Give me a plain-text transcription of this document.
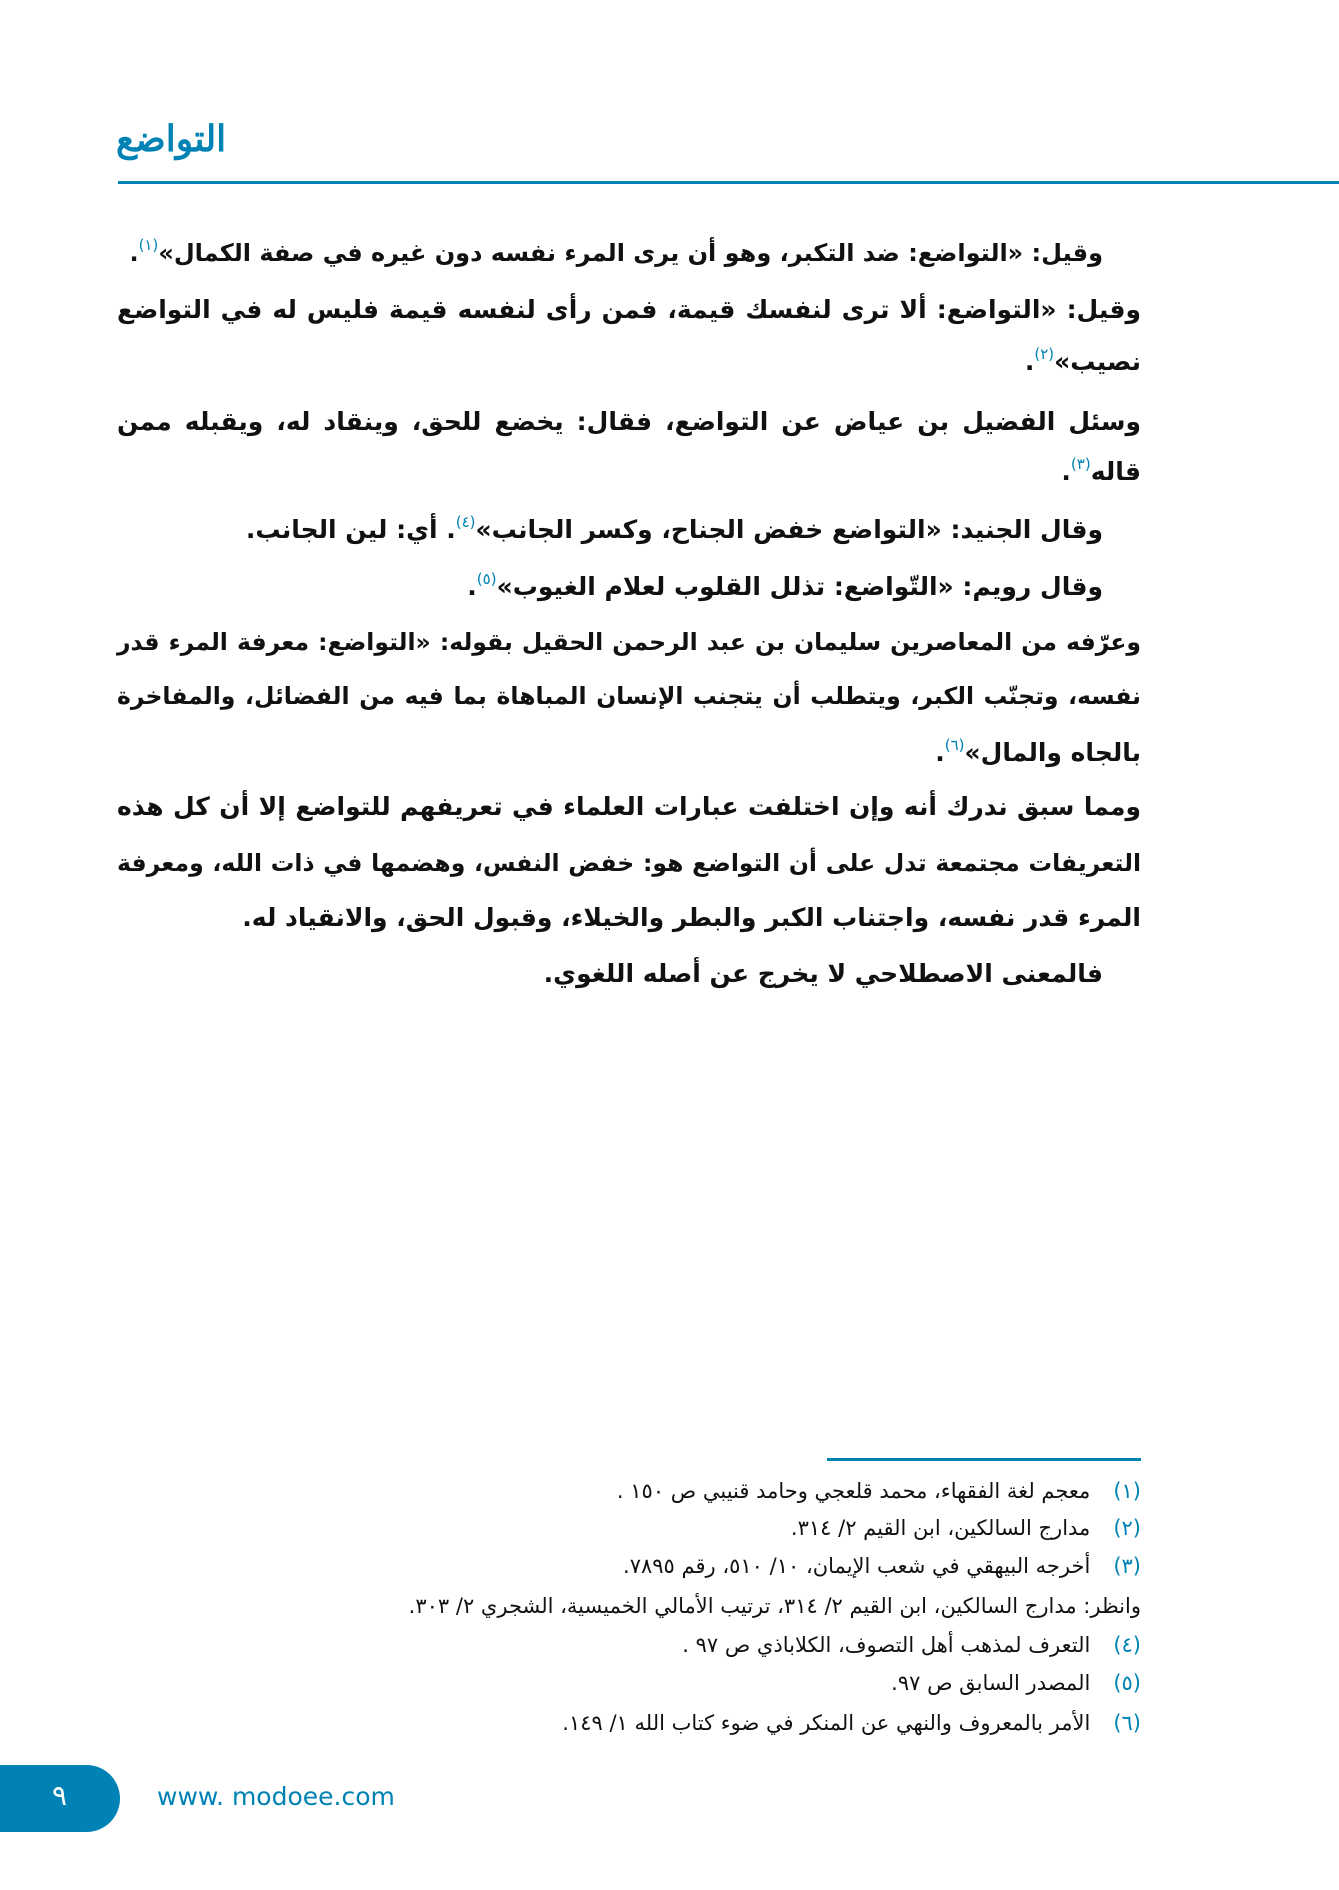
التواضع
وقيل: «التواضع: ضد التكبر، وهو أن يرى المرء نفسه دون غيره في صفة الكمال»$^{(١)}$.
وقيل: «التواضع: ألا ترى لنفسك قيمة، فمن رأى لنفسه قيمة فليس له في التواضع
نصيب»$^{(٢)}$.
وسئل الفضيل بن عياض عن التواضع، فقال: يخضع للحق، وينقاد له، ويقبله ممن
قاله$^{(٣)}$.
وقال الجنيد: «التواضع خفض الجناح، وكسر الجانب»$^{(٤)}$. أي: لين الجانب.
وقال رويم: «التّواضع: تذلل القلوب لعلام الغيوب»$^{(٥)}$.
وعرّفه من المعاصرين سليمان بن عبد الرحمن الحقيل بقوله: «التواضع: معرفة المرء قدر
نفسه، وتجنّب الكبر، ويتطلب أن يتجنب الإنسان المباهاة بما فيه من الفضائل، والمفاخرة
بالجاه والمال»$^{(٦)}$.
ومما سبق ندرك أنه وإن اختلفت عبارات العلماء في تعريفهم للتواضع إلا أن كل هذه
التعريفات مجتمعة تدل على أن التواضع هو: خفض النفس، وهضمها في ذات الله، ومعرفة
المرء قدر نفسه، واجتناب الكبر والبطر والخيلاء، وقبول الحق، والانقياد له.
فالمعنى الاصطلاحي لا يخرج عن أصله اللغوي.
(١) معجم لغة الفقهاء، محمد قلعجي وحامد قنيبي ص ١٥٠ .
(٢) مدارج السالكين، ابن القيم ٢/ ٣١٤.
(٣) أخرجه البيهقي في شعب الإيمان، ١٠/ ٥١٠، رقم ٧٨٩٥.
وانظر: مدارج السالكين، ابن القيم ٢/ ٣١٤، ترتيب الأمالي الخميسية، الشجري ٢/ ٣٠٣.
(٤) التعرف لمذهب أهل التصوف، الكلاباذي ص ٩٧ .
(٥) المصدر السابق ص ٩٧.
(٦) الأمر بالمعروف والنهي عن المنكر في ضوء كتاب الله ١/ ١٤٩.
٩	www. modoee.com
